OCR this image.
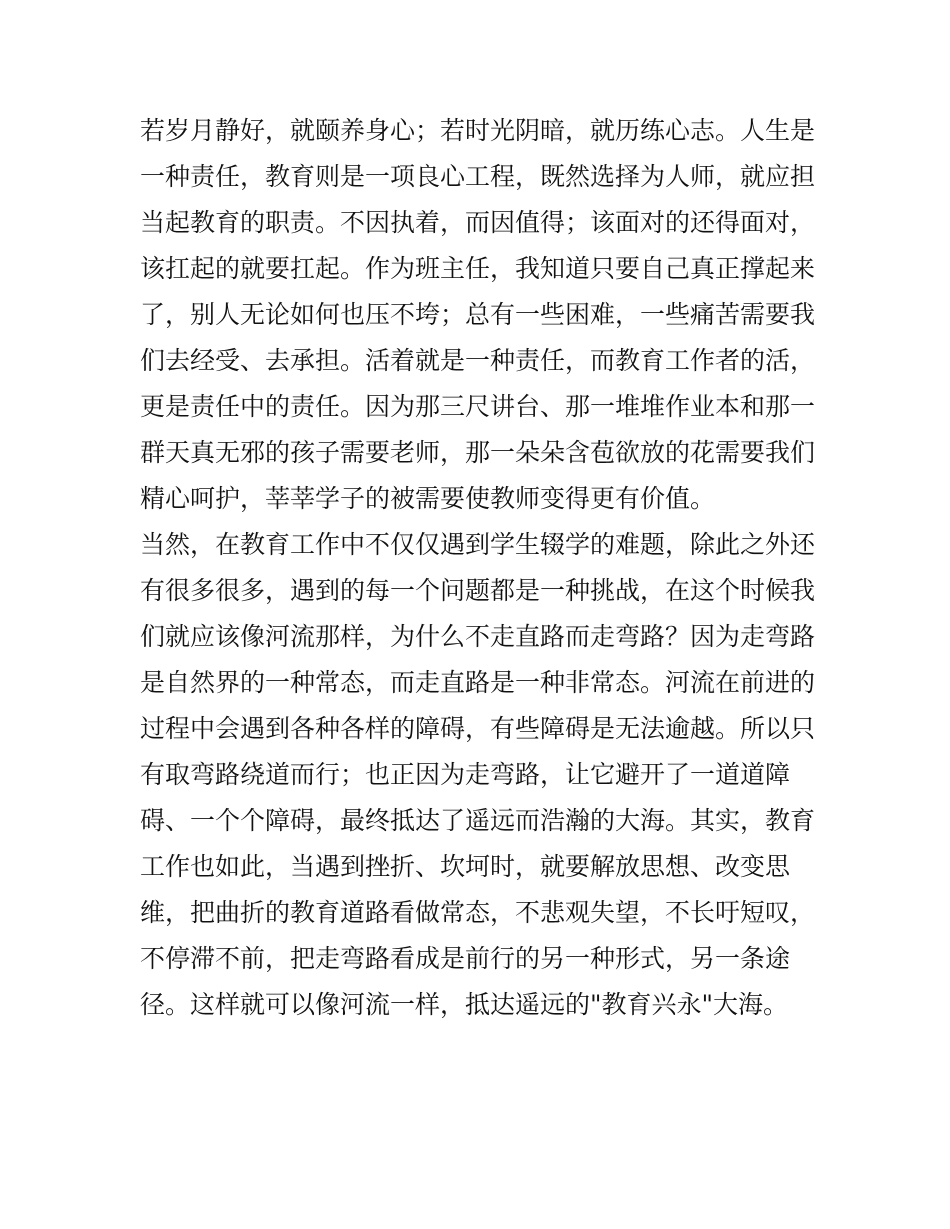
若岁月静好，就颐养身心；若时光阴暗，就历练心志。人生是
一种责任，教育则是一项良心工程，既然选择为人师，就应担
当起教育的职责。不因执着，而因值得；该面对的还得面对，
该扛起的就要扛起。作为班主任，我知道只要自己真正撑起来
了，别人无论如何也压不垮；总有一些困难，一些痛苦需要我
们去经受、去承担。活着就是一种责任，而教育工作者的活，
更是责任中的责任。因为那三尺讲台、那一堆堆作业本和那一
群天真无邪的孩子需要老师，那一朵朵含苞欲放的花需要我们
精心呵护，莘莘学子的被需要使教师变得更有价值。
当然，在教育工作中不仅仅遇到学生辍学的难题，除此之外还
有很多很多，遇到的每一个问题都是一种挑战，在这个时候我
们就应该像河流那样，为什么不走直路而走弯路？因为走弯路
是自然界的一种常态，而走直路是一种非常态。河流在前进的
过程中会遇到各种各样的障碍，有些障碍是无法逾越。所以只
有取弯路绕道而行；也正因为走弯路，让它避开了一道道障
碍、一个个障碍，最终抵达了遥远而浩瀚的大海。其实，教育
工作也如此，当遇到挫折、坎坷时，就要解放思想、改变思
维，把曲折的教育道路看做常态，不悲观失望，不长吁短叹，
不停滞不前，把走弯路看成是前行的另一种形式，另一条途
径。这样就可以像河流一样，抵达遥远的"教育兴永"大海。
